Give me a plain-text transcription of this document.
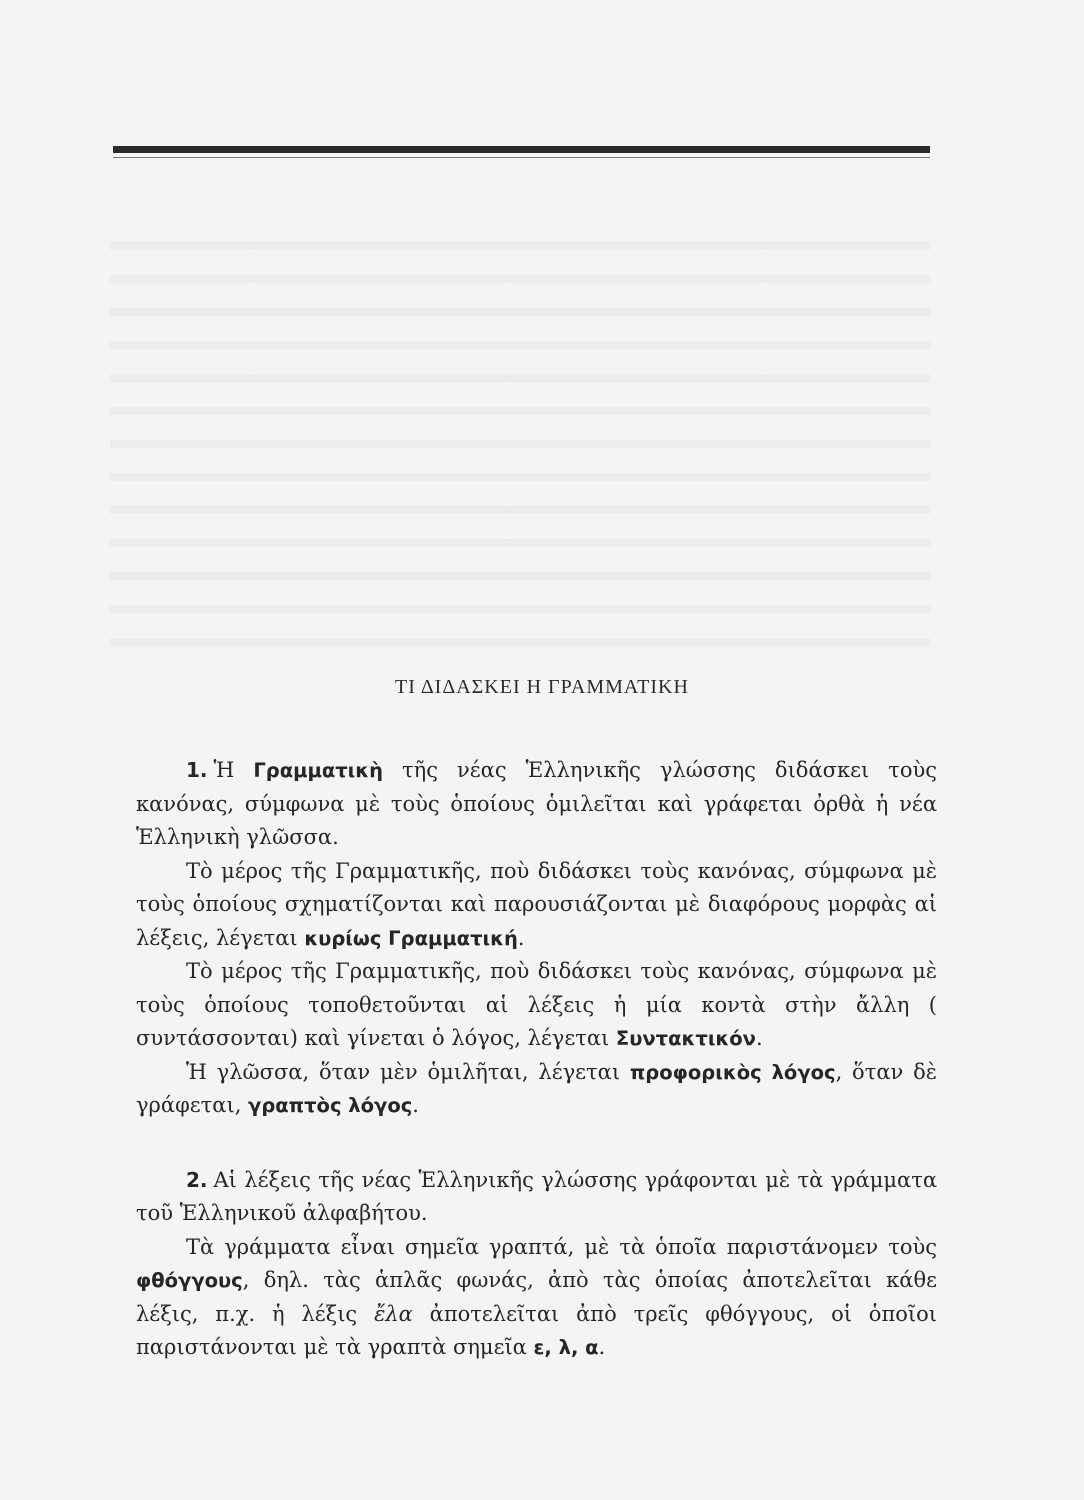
ΤΙ ΔΙΔΑΣΚΕΙ Η ΓΡΑΜΜΑΤΙΚΗ

1. Ἡ Γραμματικὴ τῆς νέας Ἑλληνικῆς γλώσσης διδάσκει τοὺς κανόνας, σύμφωνα μὲ τοὺς ὁποίους ὁμιλεῖται καὶ γράφεται ὀρθὰ ἡ νέα Ἑλληνικὴ γλῶσσα.

Τὸ μέρος τῆς Γραμματικῆς, ποὺ διδάσκει τοὺς κανόνας, σύμφωνα μὲ τοὺς ὁποίους σχηματίζονται καὶ παρουσιάζονται μὲ διαφόρους μορφὰς αἱ λέξεις, λέγεται κυρίως Γραμματική.

Τὸ μέρος τῆς Γραμματικῆς, ποὺ διδάσκει τοὺς κανόνας, σύμφωνα μὲ τοὺς ὁποίους τοποθετοῦνται αἱ λέξεις ἡ μία κοντὰ στὴν ἄλλη ( συντάσσονται) καὶ γίνεται ὁ λόγος, λέγεται Συντακτικόν.

Ἡ γλῶσσα, ὅταν μὲν ὁμιλῆται, λέγεται προφορικὸς λόγος, ὅταν δὲ γράφεται, γραπτὸς λόγος.

2. Αἱ λέξεις τῆς νέας Ἑλληνικῆς γλώσσης γράφονται μὲ τὰ γράμματα τοῦ Ἑλληνικοῦ ἀλφαβήτου.

Τὰ γράμματα εἶναι σημεῖα γραπτά, μὲ τὰ ὁποῖα παριστάνομεν τοὺς φθόγγους, δηλ. τὰς ἁπλᾶς φωνάς, ἀπὸ τὰς ὁποίας ἀποτελεῖται κάθε λέξις, π.χ. ἡ λέξις ἔλα ἀποτελεῖται ἀπὸ τρεῖς φθόγγους, οἱ ὁποῖοι παριστάνονται μὲ τὰ γραπτὰ σημεῖα ε, λ, α.
